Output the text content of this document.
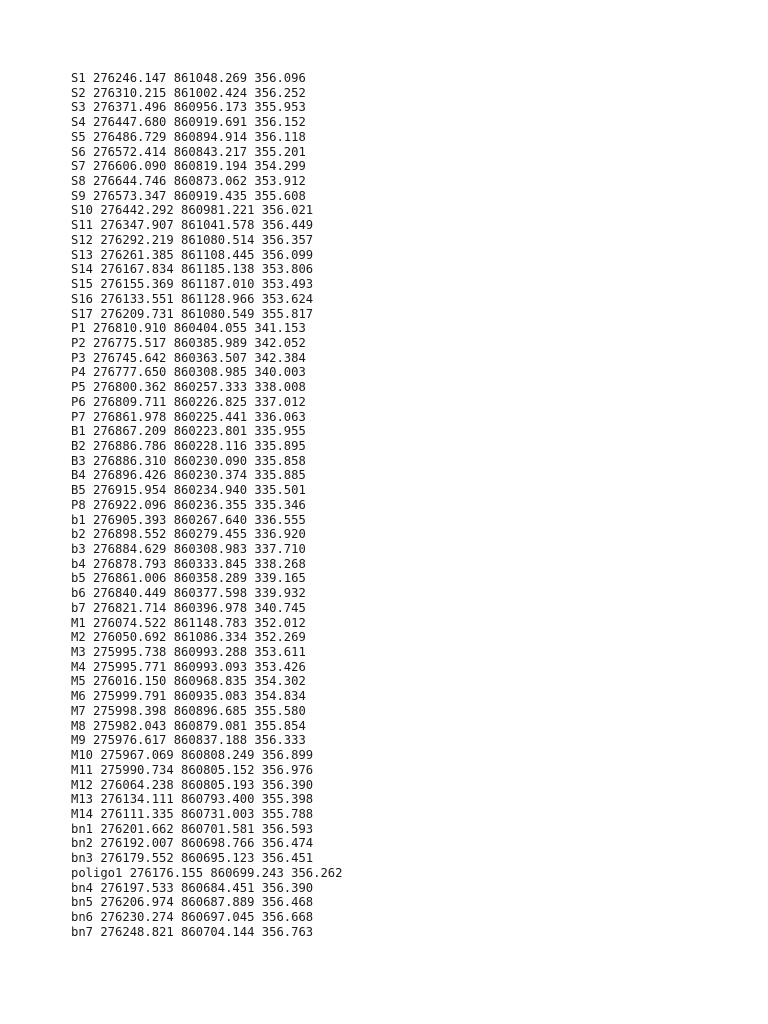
S1 276246.147 861048.269 356.096
S2 276310.215 861002.424 356.252
S3 276371.496 860956.173 355.953
S4 276447.680 860919.691 356.152
S5 276486.729 860894.914 356.118
S6 276572.414 860843.217 355.201
S7 276606.090 860819.194 354.299
S8 276644.746 860873.062 353.912
S9 276573.347 860919.435 355.608
S10 276442.292 860981.221 356.021
S11 276347.907 861041.578 356.449
S12 276292.219 861080.514 356.357
S13 276261.385 861108.445 356.099
S14 276167.834 861185.138 353.806
S15 276155.369 861187.010 353.493
S16 276133.551 861128.966 353.624
S17 276209.731 861080.549 355.817
P1 276810.910 860404.055 341.153
P2 276775.517 860385.989 342.052
P3 276745.642 860363.507 342.384
P4 276777.650 860308.985 340.003
P5 276800.362 860257.333 338.008
P6 276809.711 860226.825 337.012
P7 276861.978 860225.441 336.063
B1 276867.209 860223.801 335.955
B2 276886.786 860228.116 335.895
B3 276886.310 860230.090 335.858
B4 276896.426 860230.374 335.885
B5 276915.954 860234.940 335.501
P8 276922.096 860236.355 335.346
b1 276905.393 860267.640 336.555
b2 276898.552 860279.455 336.920
b3 276884.629 860308.983 337.710
b4 276878.793 860333.845 338.268
b5 276861.006 860358.289 339.165
b6 276840.449 860377.598 339.932
b7 276821.714 860396.978 340.745
M1 276074.522 861148.783 352.012
M2 276050.692 861086.334 352.269
M3 275995.738 860993.288 353.611
M4 275995.771 860993.093 353.426
M5 276016.150 860968.835 354.302
M6 275999.791 860935.083 354.834
M7 275998.398 860896.685 355.580
M8 275982.043 860879.081 355.854
M9 275976.617 860837.188 356.333
M10 275967.069 860808.249 356.899
M11 275990.734 860805.152 356.976
M12 276064.238 860805.193 356.390
M13 276134.111 860793.400 355.398
M14 276111.335 860731.003 355.788
bn1 276201.662 860701.581 356.593
bn2 276192.007 860698.766 356.474
bn3 276179.552 860695.123 356.451
poligo1 276176.155 860699.243 356.262
bn4 276197.533 860684.451 356.390
bn5 276206.974 860687.889 356.468
bn6 276230.274 860697.045 356.668
bn7 276248.821 860704.144 356.763
